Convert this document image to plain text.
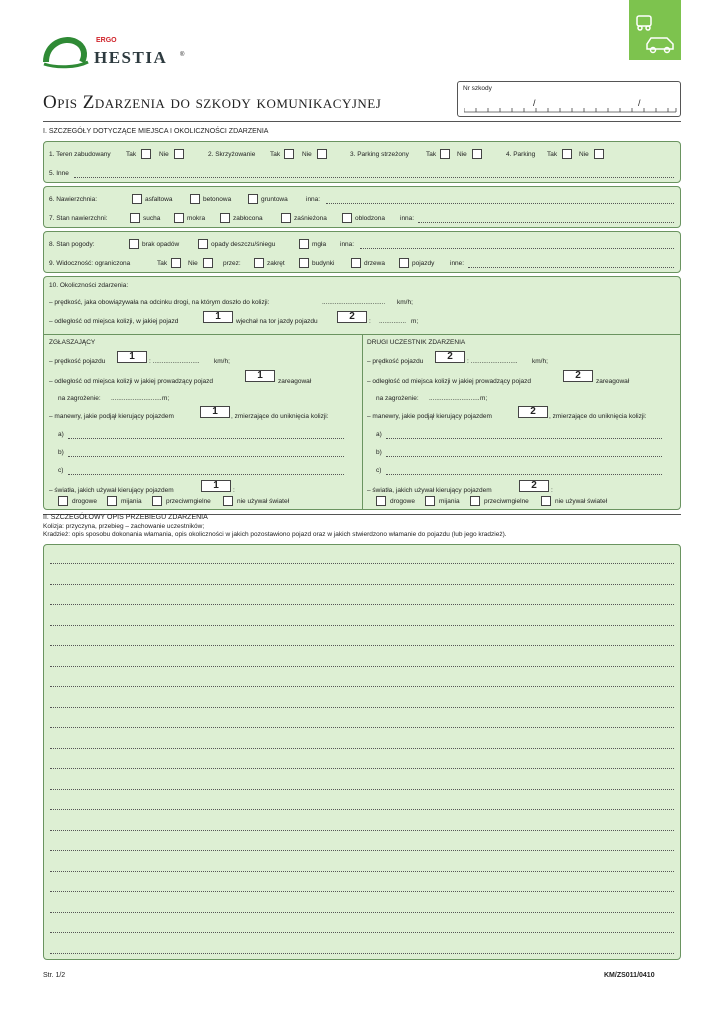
ERGO
HESTIA ®
Opis Zdarzenia do szkody komunikacyjnej
Nr szkody
/	/
I. SZCZEGÓŁY DOTYCZĄCE MIEJSCA I OKOLICZNOŚCI ZDARZENIA
1. Teren zabudowany Tak	Nie	2. Skrzyżowanie Tak	Nie	3. Parking strzeżony	Tak	Nie	4. Parking Tak	Nie
5. Inne
6. Nawierzchnia:	asfaltowa	betonowa	gruntowa	inna:
7. Stan nawierzchni:	sucha	mokra	zabłocona	zaśnieżona	oblodzona inna:
8. Stan pogody:	brak opadów	opady deszczu/śniegu	mgła inna:
9. Widoczność: ograniczona	Tak	Nie	przez:	zakręt	budynki	drzewa	pojazdy inne:
10. Okoliczności zdarzenia:
– prędkość, jaka obowiązywała na odcinku drogi, na którym doszło do kolizji:	................................... km/h;
– odległość od miejsca kolizji, w jakiej pojazd	1	wjechał na tor jazdy pojazdu	2	: ............... m;
ZGŁASZAJĄCY
– prędkość pojazdu	1	: .......................... km/h;
– odległość od miejsca kolizji w jakiej prowadzący pojazd
1
zareagował
na zagrożenie: ............................ m;
– manewry, jakie podjął kierujący pojazdem	1	, zmierzające do uniknięcia kolizji:
a)
b)
c)
– światła, jakich używał kierujący pojazdem	1	:
drogowe	mijania	przeciwmgielne	nie używał świateł
DRUGI UCZESTNIK ZDARZENIA
– prędkość pojazdu	2	: .......................... km/h;
– odległość od miejsca kolizji w jakiej prowadzący pojazd
2
zareagował
na zagrożenie: ............................ m;
– manewry, jakie podjął kierujący pojazdem	2	, zmierzające do uniknięcia kolizji:
a)
b)
c)
– światła, jakich używał kierujący pojazdem	2	:
drogowe	mijania	przeciwmgielne	nie używał świateł
II. SZCZEGÓŁOWY OPIS PRZEBIEGU ZDARZENIA
Kolizja: przyczyna, przebieg – zachowanie uczestników;
Kradzież: opis sposobu dokonania włamania, opis okoliczności w jakich pozostawiono pojazd oraz w jakich stwierdzono włamanie do pojazdu (lub jego kradzież).
Str. 1/2	KM/ZS011/0410
